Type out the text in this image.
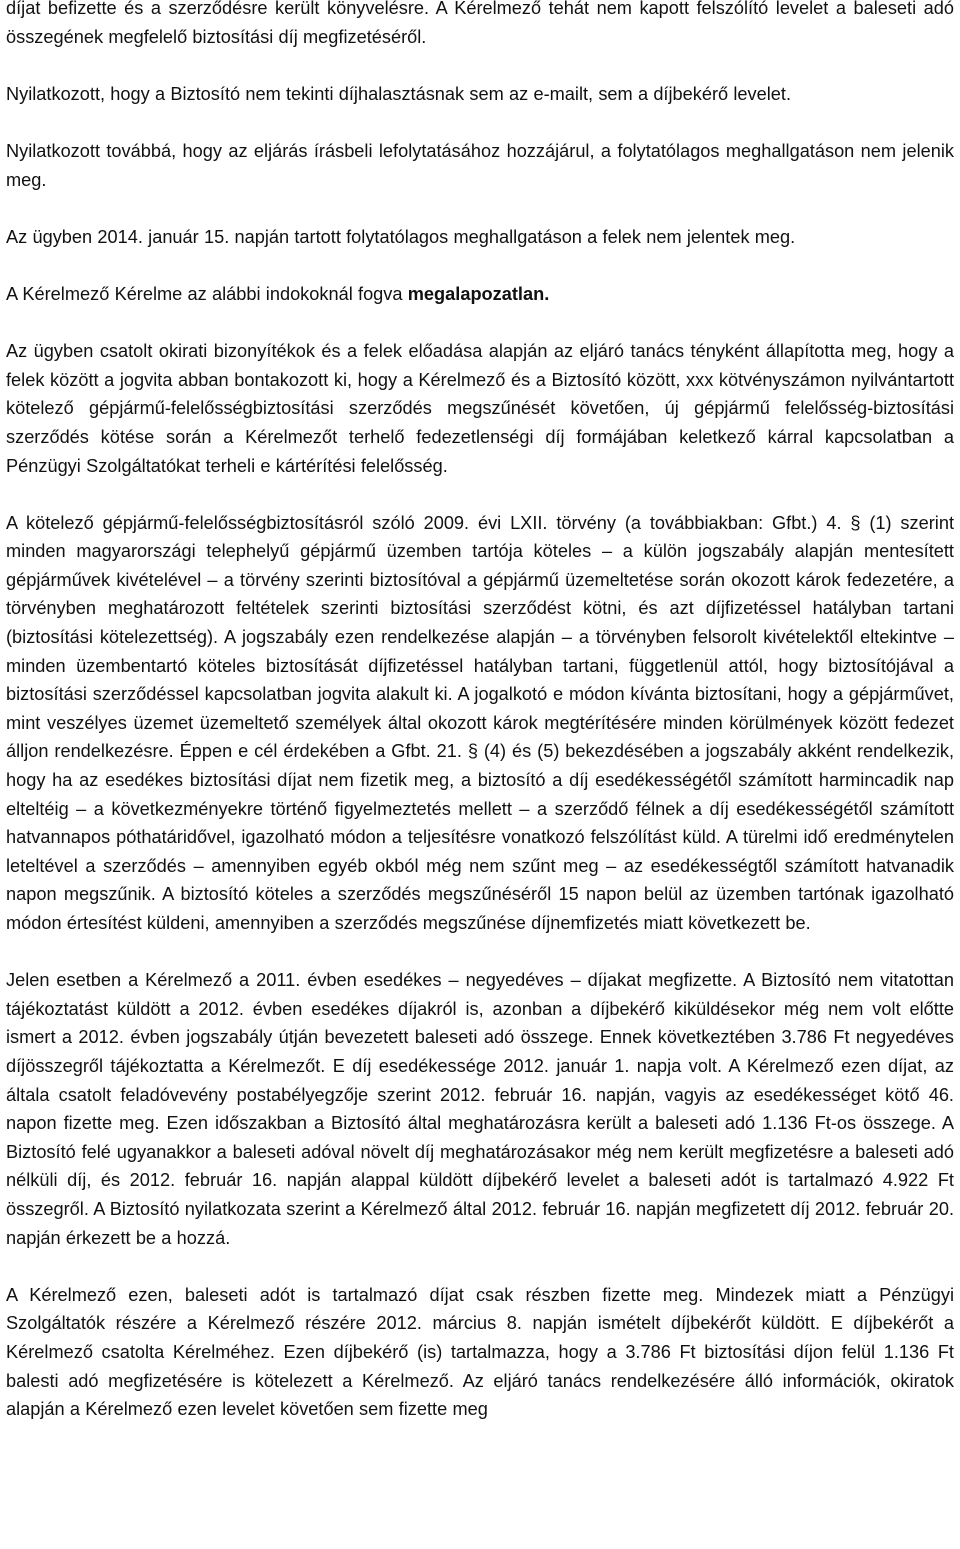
díjat befizette és a szerződésre került könyvelésre. A Kérelmező tehát nem kapott felszólító levelet a baleseti adó összegének megfelelő biztosítási díj megfizetéséről.

Nyilatkozott, hogy a Biztosító nem tekinti díjhalasztásnak sem az e-mailt, sem a díjbekérő levelet.

Nyilatkozott továbbá, hogy az eljárás írásbeli lefolytatásához hozzájárul, a folytatólagos meghallgatáson nem jelenik meg.

Az ügyben 2014. január 15. napján tartott folytatólagos meghallgatáson a felek nem jelentek meg.

A Kérelmező Kérelme az alábbi indokoknál fogva megalapozatlan.

Az ügyben csatolt okirati bizonyítékok és a felek előadása alapján az eljáró tanács tényként állapította meg, hogy a felek között a jogvita abban bontakozott ki, hogy a Kérelmező és a Biztosító között, xxx kötvényszámon nyilvántartott kötelező gépjármű-felelősségbiztosítási szerződés megszűnését követően, új gépjármű felelősség-biztosítási szerződés kötése során a Kérelmezőt terhelő fedezetlenségi díj formájában keletkező kárral kapcsolatban a Pénzügyi Szolgáltatókat terheli e kártérítési felelősség.

A kötelező gépjármű-felelősségbiztosításról szóló 2009. évi LXII. törvény (a továbbiakban: Gfbt.) 4. § (1) szerint minden magyarországi telephelyű gépjármű üzemben tartója köteles – a külön jogszabály alapján mentesített gépjárművek kivételével – a törvény szerinti biztosítóval a gépjármű üzemeltetése során okozott károk fedezetére, a törvényben meghatározott feltételek szerinti biztosítási szerződést kötni, és azt díjfizetéssel hatályban tartani (biztosítási kötelezettség). A jogszabály ezen rendelkezése alapján – a törvényben felsorolt kivételektől eltekintve – minden üzembentartó köteles biztosítását díjfizetéssel hatályban tartani, függetlenül attól, hogy biztosítójával a biztosítási szerződéssel kapcsolatban jogvita alakult ki. A jogalkotó e módon kívánta biztosítani, hogy a gépjárművet, mint veszélyes üzemet üzemeltető személyek által okozott károk megtérítésére minden körülmények között fedezet álljon rendelkezésre. Éppen e cél érdekében a Gfbt. 21. § (4) és (5) bekezdésében a jogszabály akként rendelkezik, hogy ha az esedékes biztosítási díjat nem fizetik meg, a biztosító a díj esedékességétől számított harmincadik nap elteltéig – a következményekre történő figyelmeztetés mellett – a szerződő félnek a díj esedékességétől számított hatvannapos póthatáridővel, igazolható módon a teljesítésre vonatkozó felszólítást küld. A türelmi idő eredménytelen leteltével a szerződés – amennyiben egyéb okból még nem szűnt meg – az esedékességtől számított hatvanadik napon megszűnik. A biztosító köteles a szerződés megszűnéséről 15 napon belül az üzemben tartónak igazolható módon értesítést küldeni, amennyiben a szerződés megszűnése díjnemfizetés miatt következett be.

Jelen esetben a Kérelmező a 2011. évben esedékes – negyedéves – díjakat megfizette. A Biztosító nem vitatottan tájékoztatást küldött a 2012. évben esedékes díjakról is, azonban a díjbekérő kiküldésekor még nem volt előtte ismert a 2012. évben jogszabály útján bevezetett baleseti adó összege. Ennek következtében 3.786 Ft negyedéves díjösszegről tájékoztatta a Kérelmezőt. E díj esedékessége 2012. január 1. napja volt. A Kérelmező ezen díjat, az általa csatolt feladóvevény postabélyegzője szerint 2012. február 16. napján, vagyis az esedékességet kötő 46. napon fizette meg. Ezen időszakban a Biztosító által meghatározásra került a baleseti adó 1.136 Ft-os összege. A Biztosító felé ugyanakkor a baleseti adóval növelt díj meghatározásakor még nem került megfizetésre a baleseti adó nélküli díj, és 2012. február 16. napján alappal küldött díjbekérő levelet a baleseti adót is tartalmazó 4.922 Ft összegről. A Biztosító nyilatkozata szerint a Kérelmező által 2012. február 16. napján megfizetett díj 2012. február 20. napján érkezett be a hozzá.

A Kérelmező ezen, baleseti adót is tartalmazó díjat csak részben fizette meg. Mindezek miatt a Pénzügyi Szolgáltatók részére a Kérelmező részére 2012. március 8. napján ismételt díjbekérőt küldött. E díjbekérőt a Kérelmező csatolta Kérelméhez. Ezen díjbekérő (is) tartalmazza, hogy a 3.786 Ft biztosítási díjon felül 1.136 Ft balesti adó megfizetésére is kötelezett a Kérelmező. Az eljáró tanács rendelkezésére álló információk, okiratok alapján a Kérelmező ezen levelet követően sem fizette meg
